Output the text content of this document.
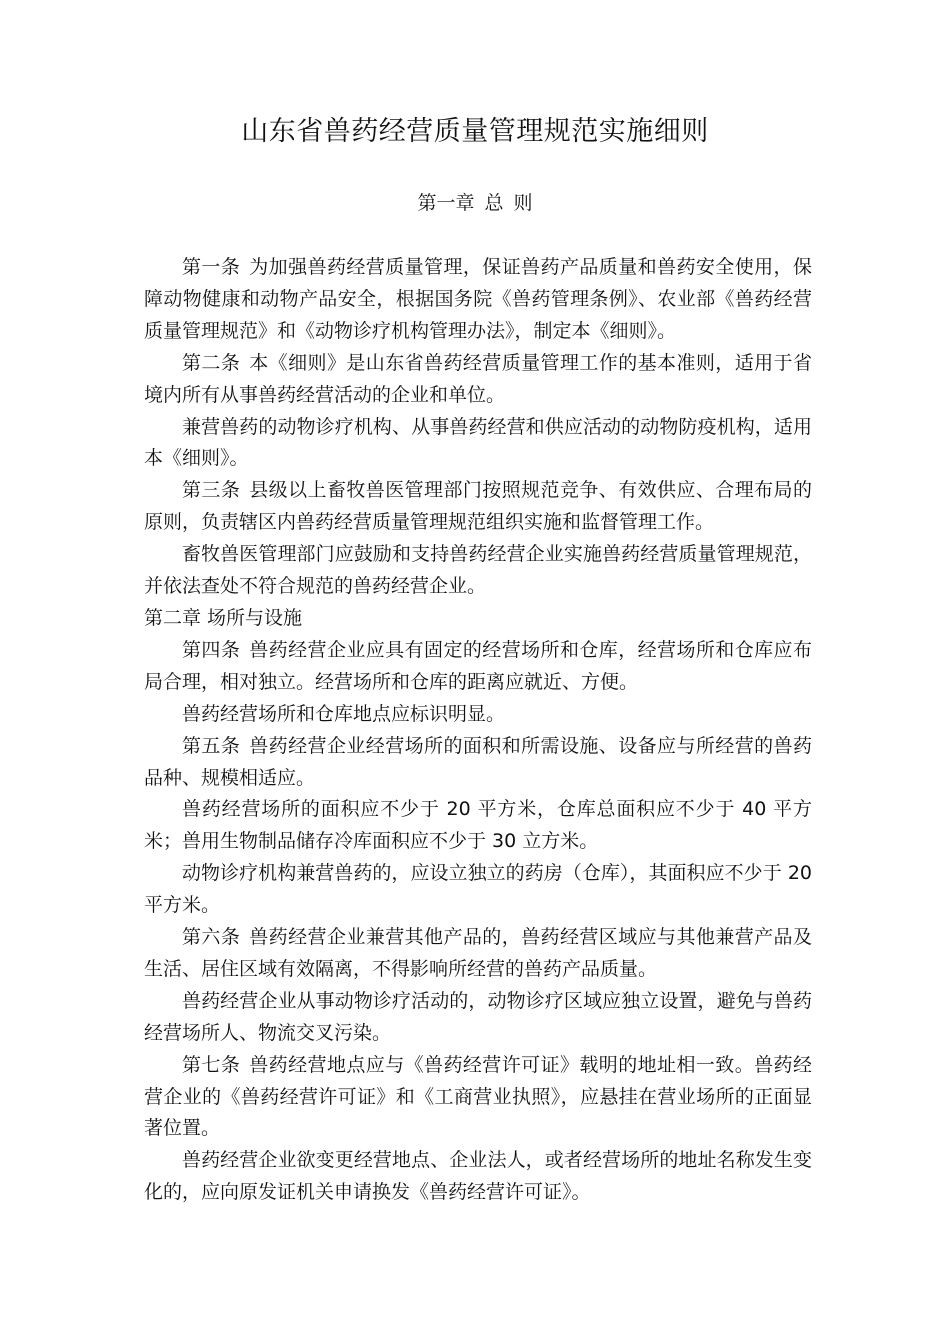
山东省兽药经营质量管理规范实施细则
第一章 总 则

第一条 为加强兽药经营质量管理，保证兽药产品质量和兽药安全使用，保障动物健康和动物产品安全，根据国务院《兽药管理条例》、农业部《兽药经营质量管理规范》和《动物诊疗机构管理办法》，制定本《细则》。

第二条 本《细则》是山东省兽药经营质量管理工作的基本准则，适用于省境内所有从事兽药经营活动的企业和单位。

兼营兽药的动物诊疗机构、从事兽药经营和供应活动的动物防疫机构，适用本《细则》。

第三条 县级以上畜牧兽医管理部门按照规范竞争、有效供应、合理布局的原则，负责辖区内兽药经营质量管理规范组织实施和监督管理工作。

畜牧兽医管理部门应鼓励和支持兽药经营企业实施兽药经营质量管理规范，并依法查处不符合规范的兽药经营企业。

第二章 场所与设施

第四条 兽药经营企业应具有固定的经营场所和仓库，经营场所和仓库应布局合理，相对独立。经营场所和仓库的距离应就近、方便。

兽药经营场所和仓库地点应标识明显。

第五条 兽药经营企业经营场所的面积和所需设施、设备应与所经营的兽药品种、规模相适应。

兽药经营场所的面积应不少于 20 平方米，仓库总面积应不少于 40 平方米；兽用生物制品储存冷库面积应不少于 30 立方米。

动物诊疗机构兼营兽药的，应设立独立的药房（仓库），其面积应不少于 20 平方米。

第六条 兽药经营企业兼营其他产品的，兽药经营区域应与其他兼营产品及生活、居住区域有效隔离，不得影响所经营的兽药产品质量。

兽药经营企业从事动物诊疗活动的，动物诊疗区域应独立设置，避免与兽药经营场所人、物流交叉污染。

第七条 兽药经营地点应与《兽药经营许可证》载明的地址相一致。兽药经营企业的《兽药经营许可证》和《工商营业执照》，应悬挂在营业场所的正面显著位置。

兽药经营企业欲变更经营地点、企业法人，或者经营场所的地址名称发生变化的，应向原发证机关申请换发《兽药经营许可证》。
